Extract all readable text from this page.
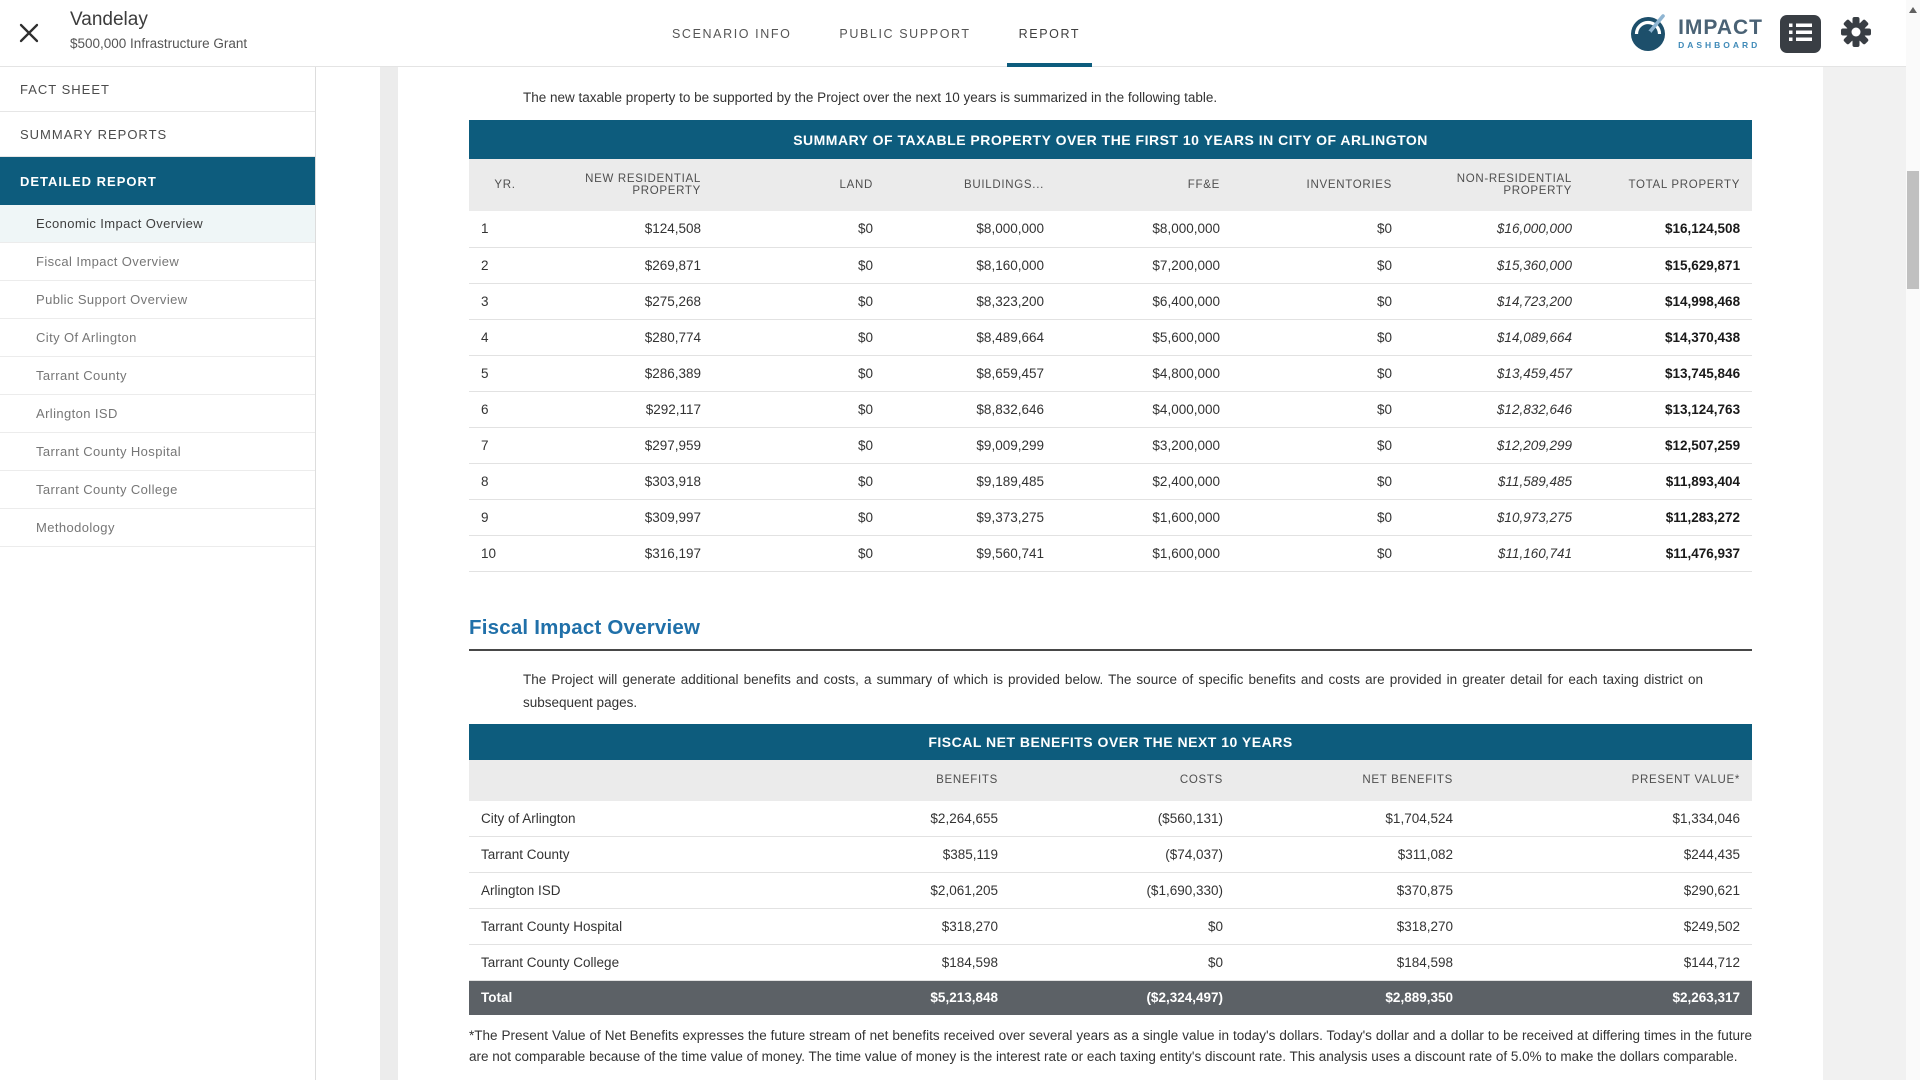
Vandelay
$500,000 Infrastructure Grant
SCENARIO INFO	PUBLIC SUPPORT	REPORT	IMPACT
DASHBOARD
FACT SHEET
SUMMARY REPORTS
DETAILED REPORT
Economic Impact Overview
Fiscal Impact Overview
Public Support Overview
City Of Arlington
Tarrant County
Arlington ISD
Tarrant County Hospital
Tarrant County College
Methodology

The new taxable property to be supported by the Project over the next 10 years is summarized in the following table.

SUMMARY OF TAXABLE PROPERTY OVER THE FIRST 10 YEARS IN CITY OF ARLINGTON							
YR.	NEW RESIDENTIAL PROPERTY	LAND	BUILDINGS...	FF&E	INVENTORIES	NON-RESIDENTIAL PROPERTY	TOTAL PROPERTY
1	$124,508	$0	$8,000,000	$8,000,000	$0	$16,000,000	$16,124,508
2	$269,871	$0	$8,160,000	$7,200,000	$0	$15,360,000	$15,629,871
3	$275,268	$0	$8,323,200	$6,400,000	$0	$14,723,200	$14,998,468
4	$280,774	$0	$8,489,664	$5,600,000	$0	$14,089,664	$14,370,438
5	$286,389	$0	$8,659,457	$4,800,000	$0	$13,459,457	$13,745,846
6	$292,117	$0	$8,832,646	$4,000,000	$0	$12,832,646	$13,124,763
7	$297,959	$0	$9,009,299	$3,200,000	$0	$12,209,299	$12,507,259
8	$303,918	$0	$9,189,485	$2,400,000	$0	$11,589,485	$11,893,404
9	$309,997	$0	$9,373,275	$1,600,000	$0	$10,973,275	$11,283,272
10	$316,197	$0	$9,560,741	$1,600,000	$0	$11,160,741	$11,476,937
Fiscal Impact Overview

The Project will generate additional benefits and costs, a summary of which is provided below. The source of specific benefits and costs are provided in greater detail for each taxing district on subsequent pages.

FISCAL NET BENEFITS OVER THE NEXT 10 YEARS				
	BENEFITS	COSTS	NET BENEFITS	PRESENT VALUE*
City of Arlington	$2,264,655	($560,131)	$1,704,524	$1,334,046
Tarrant County	$385,119	($74,037)	$311,082	$244,435
Arlington ISD	$2,061,205	($1,690,330)	$370,875	$290,621
Tarrant County Hospital	$318,270	$0	$318,270	$249,502
Tarrant County College	$184,598	$0	$184,598	$144,712
Total	$5,213,848	($2,324,497)	$2,889,350	$2,263,317

*The Present Value of Net Benefits expresses the future stream of net benefits received over several years as a single value in today's dollars. Today's dollar and a dollar to be received at differing times in the future are not comparable because of the time value of money. The time value of money is the interest rate or each taxing entity's discount rate. This analysis uses a discount rate of 5.0% to make the dollars comparable.
